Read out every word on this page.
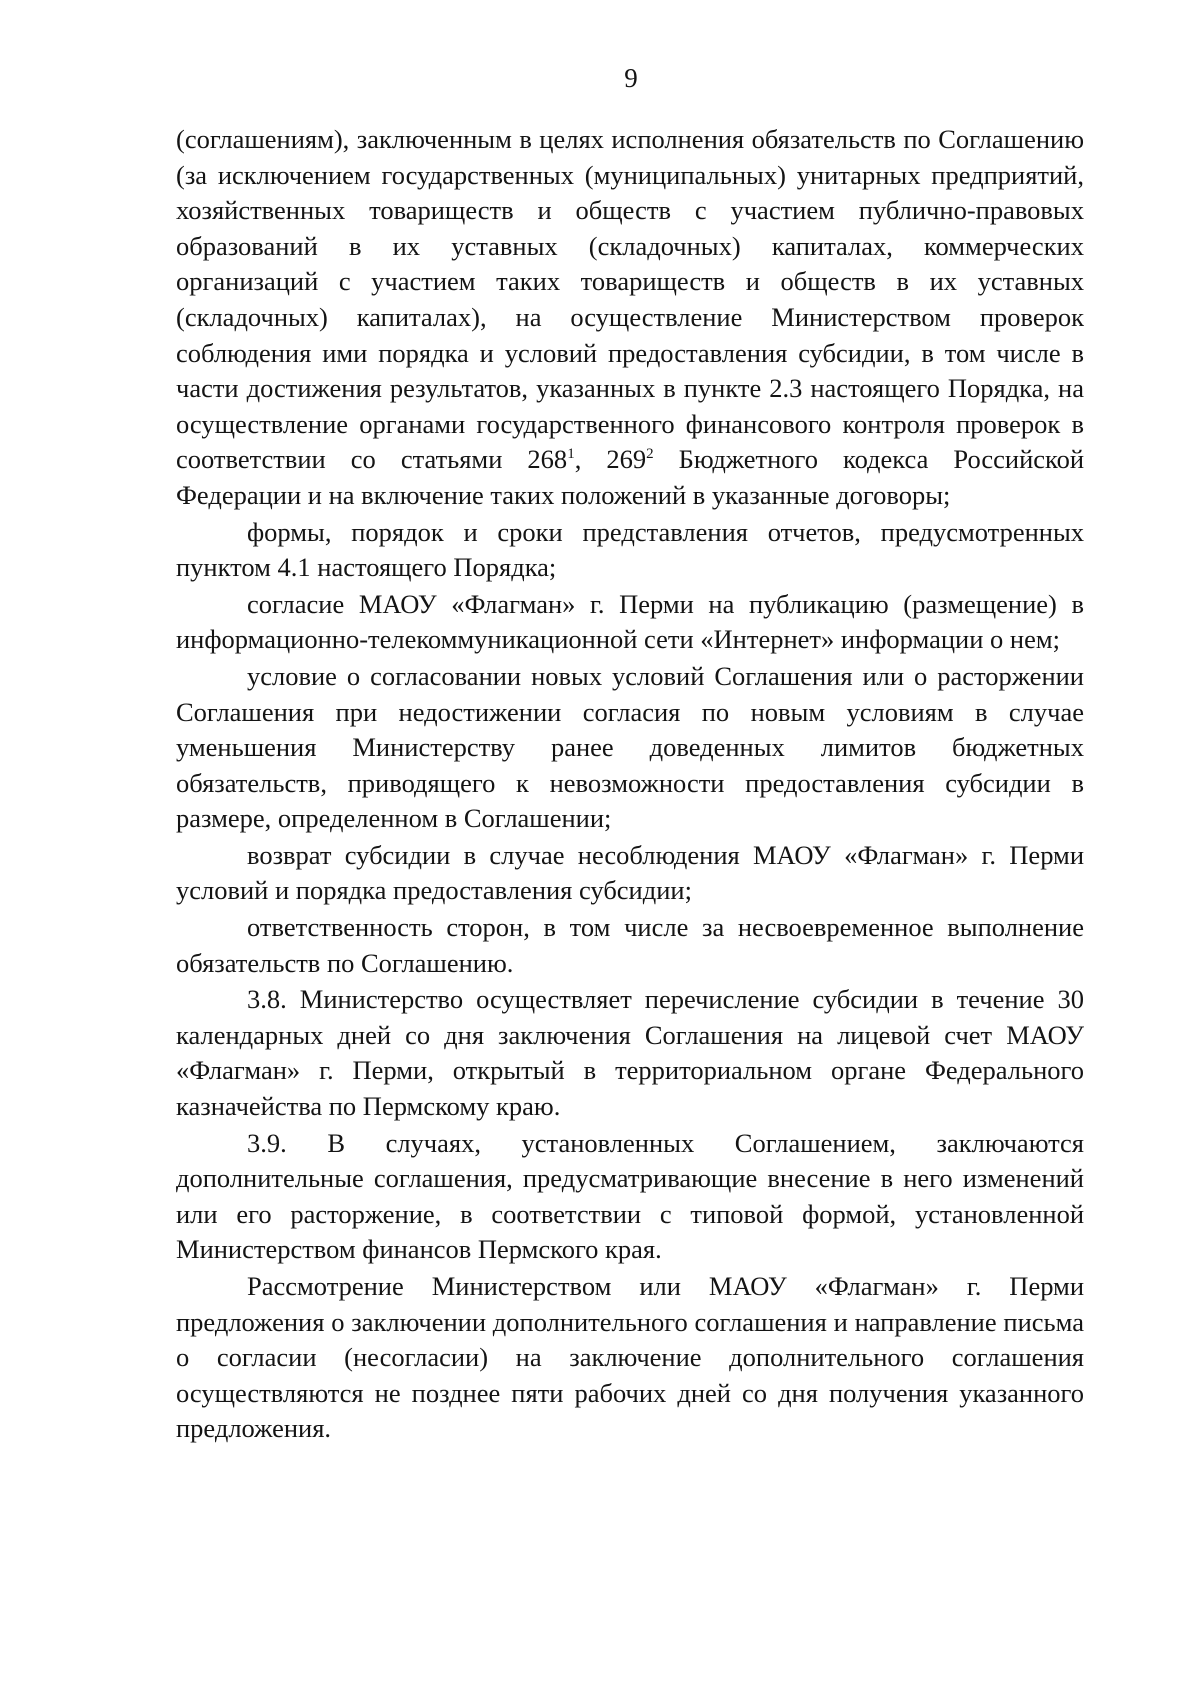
9

(соглашениям), заключенным в целях исполнения обязательств по Соглашению (за исключением государственных (муниципальных) унитарных предприятий, хозяйственных товариществ и обществ с участием публично-правовых образований в их уставных (складочных) капиталах, коммерческих организаций с участием таких товариществ и обществ в их уставных (складочных) капиталах), на осуществление Министерством проверок соблюдения ими порядка и условий предоставления субсидии, в том числе в части достижения результатов, указанных в пункте 2.3 настоящего Порядка, на осуществление органами государственного финансового контроля проверок в соответствии со статьями $268^1$, $269^2$ Бюджетного кодекса Российской Федерации и на включение таких положений в указанные договоры;

формы, порядок и сроки представления отчетов, предусмотренных пунктом 4.1 настоящего Порядка;

согласие МАОУ «Флагман» г. Перми на публикацию (размещение) в информационно-телекоммуникационной сети «Интернет» информации о нем;

условие о согласовании новых условий Соглашения или о расторжении Соглашения при недостижении согласия по новым условиям в случае уменьшения Министерству ранее доведенных лимитов бюджетных обязательств, приводящего к невозможности предоставления субсидии в размере, определенном в Соглашении;

возврат субсидии в случае несоблюдения МАОУ «Флагман» г. Перми условий и порядка предоставления субсидии;

ответственность сторон, в том числе за несвоевременное выполнение обязательств по Соглашению.

3.8. Министерство осуществляет перечисление субсидии в течение 30 календарных дней со дня заключения Соглашения на лицевой счет МАОУ «Флагман» г. Перми, открытый в территориальном органе Федерального казначейства по Пермскому краю.

3.9. В случаях, установленных Соглашением, заключаются дополнительные соглашения, предусматривающие внесение в него изменений или его расторжение, в соответствии с типовой формой, установленной Министерством финансов Пермского края.

Рассмотрение Министерством или МАОУ «Флагман» г. Перми предложения о заключении дополнительного соглашения и направление письма о согласии (несогласии) на заключение дополнительного соглашения осуществляются не позднее пяти рабочих дней со дня получения указанного предложения.
